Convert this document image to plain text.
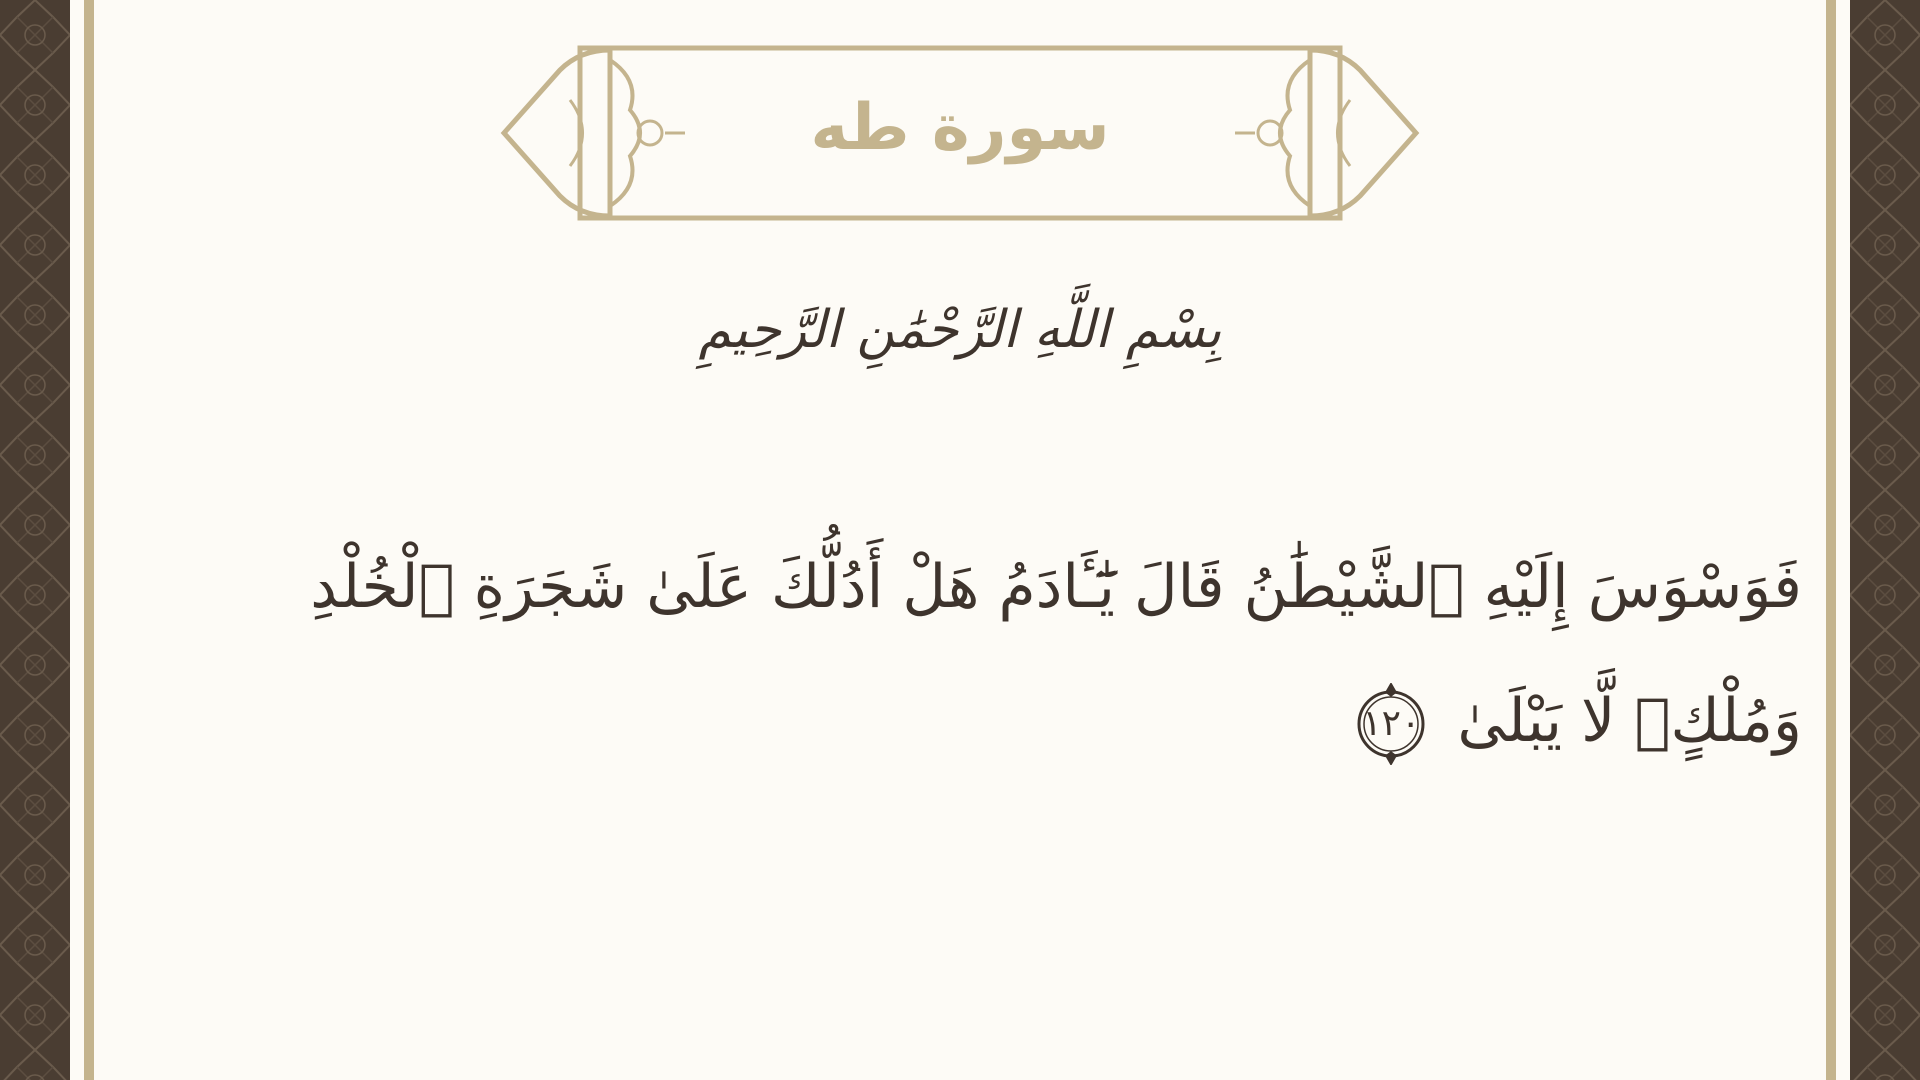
سورة طه
بِسْمِ اللَّهِ الرَّحْمَٰنِ الرَّحِيمِ
فَوَسْوَسَ إِلَيْهِ ٱلشَّيْطَٰنُ قَالَ يَٰٓـَٔادَمُ هَلْ أَدُلُّكَ عَلَىٰ شَجَرَةِ ٱلْخُلْدِ وَمُلْكٍۢ لَّا يَبْلَىٰ
١٢٠
